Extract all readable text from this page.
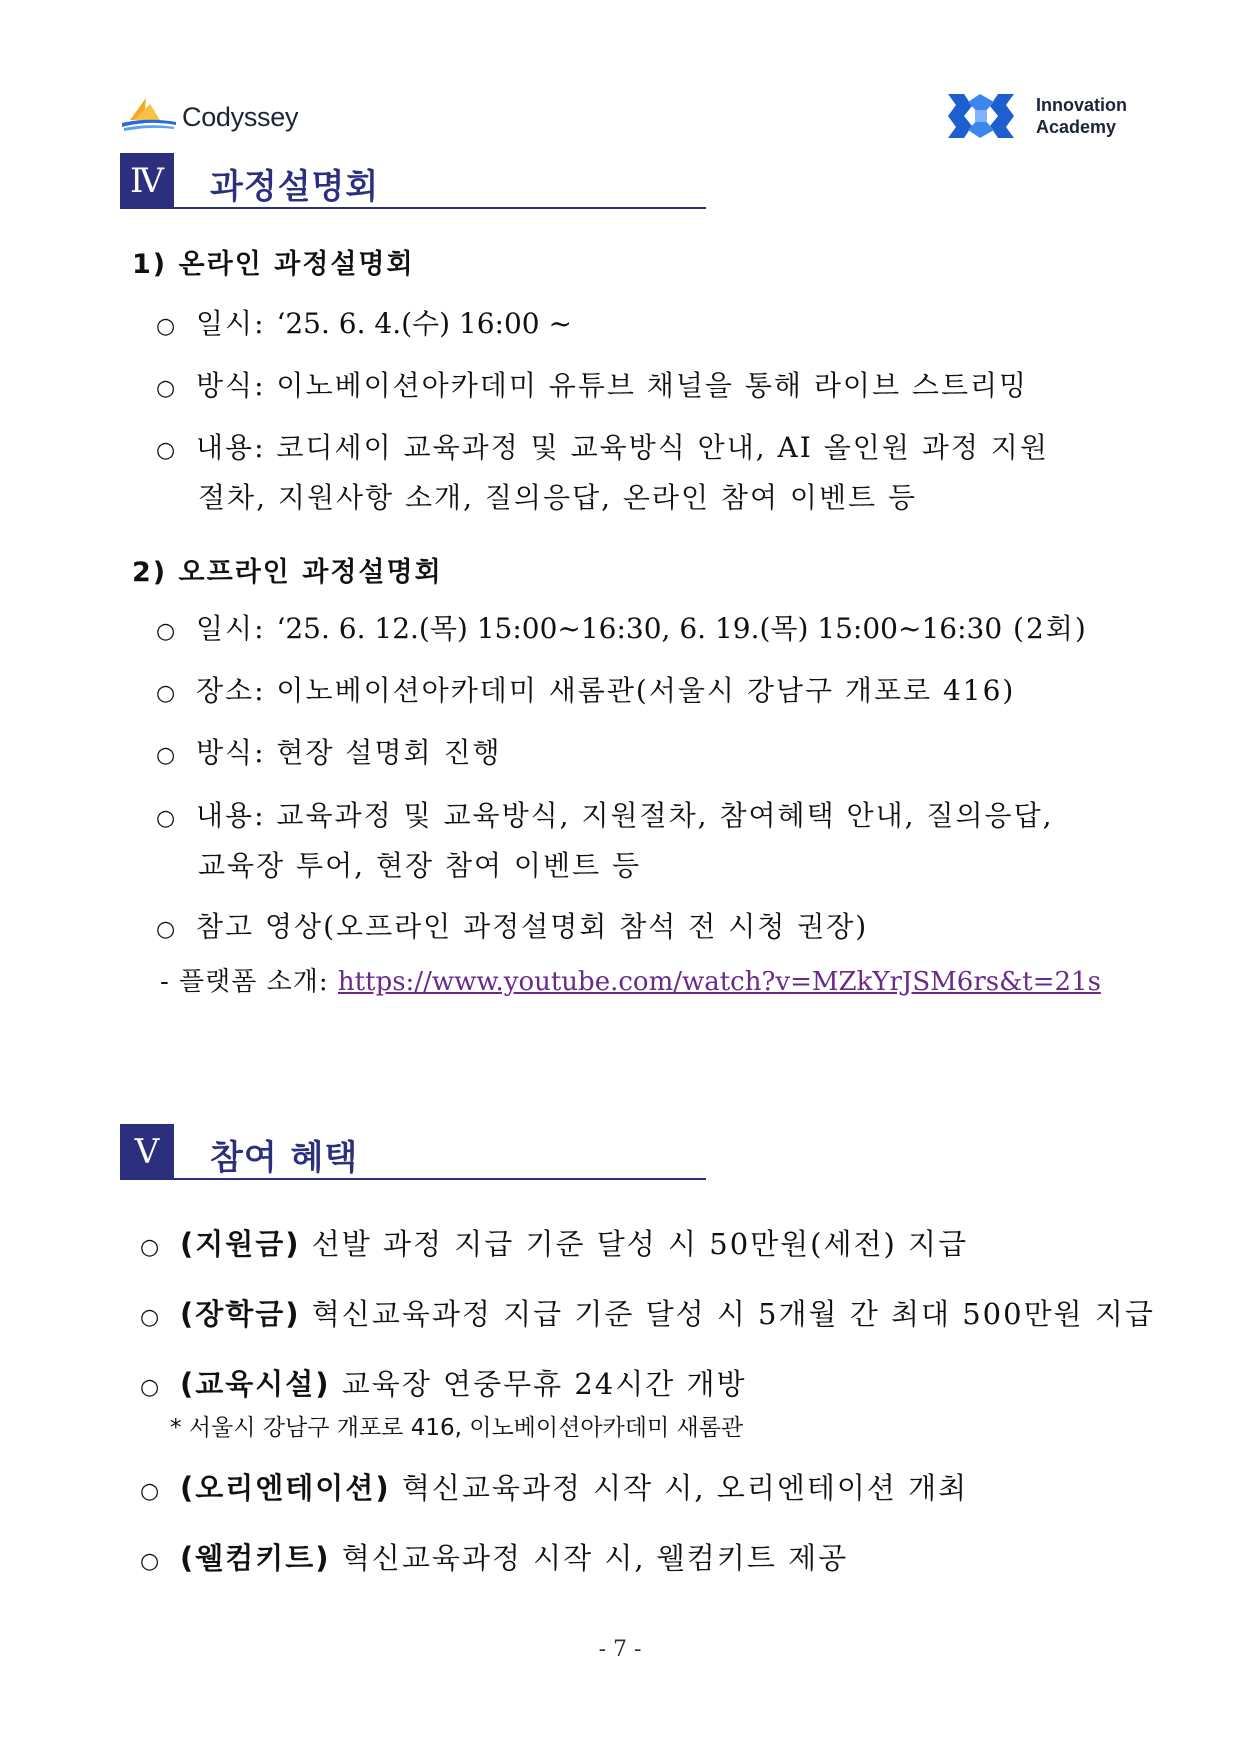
Codyssey	Innovation
Academy
Ⅳ 과정설명회
1) 온라인 과정설명회
○ 일시: ‘25. 6. 4.(수) 16:00 ~
○ 방식: 이노베이션아카데미 유튜브 채널을 통해 라이브 스트리밍
○ 내용: 코디세이 교육과정 및 교육방식 안내, AI 올인원 과정 지원
절차, 지원사항 소개, 질의응답, 온라인 참여 이벤트 등
2) 오프라인 과정설명회
○ 일시: ‘25. 6. 12.(목) 15:00~16:30, 6. 19.(목) 15:00~16:30 (2회)
○ 장소: 이노베이션아카데미 새롬관(서울시 강남구 개포로 416)
○ 방식: 현장 설명회 진행
○ 내용: 교육과정 및 교육방식, 지원절차, 참여혜택 안내, 질의응답,
교육장 투어, 현장 참여 이벤트 등
○ 참고 영상(오프라인 과정설명회 참석 전 시청 권장)
- 플랫폼 소개: https://www.youtube.com/watch?v=MZkYrJSM6rs&t=21s
Ⅴ	참여 혜택
○ (지원금) 선발 과정 지급 기준 달성 시 50만원(세전) 지급
○ (장학금) 혁신교육과정 지급 기준 달성 시 5개월 간 최대 500만원 지급
○ (교육시설) 교육장 연중무휴 24시간 개방
* 서울시 강남구 개포로 416, 이노베이션아카데미 새롬관
○ (오리엔테이션) 혁신교육과정 시작 시, 오리엔테이션 개최
○ (웰컴키트) 혁신교육과정 시작 시, 웰컴키트 제공
- 7 -
